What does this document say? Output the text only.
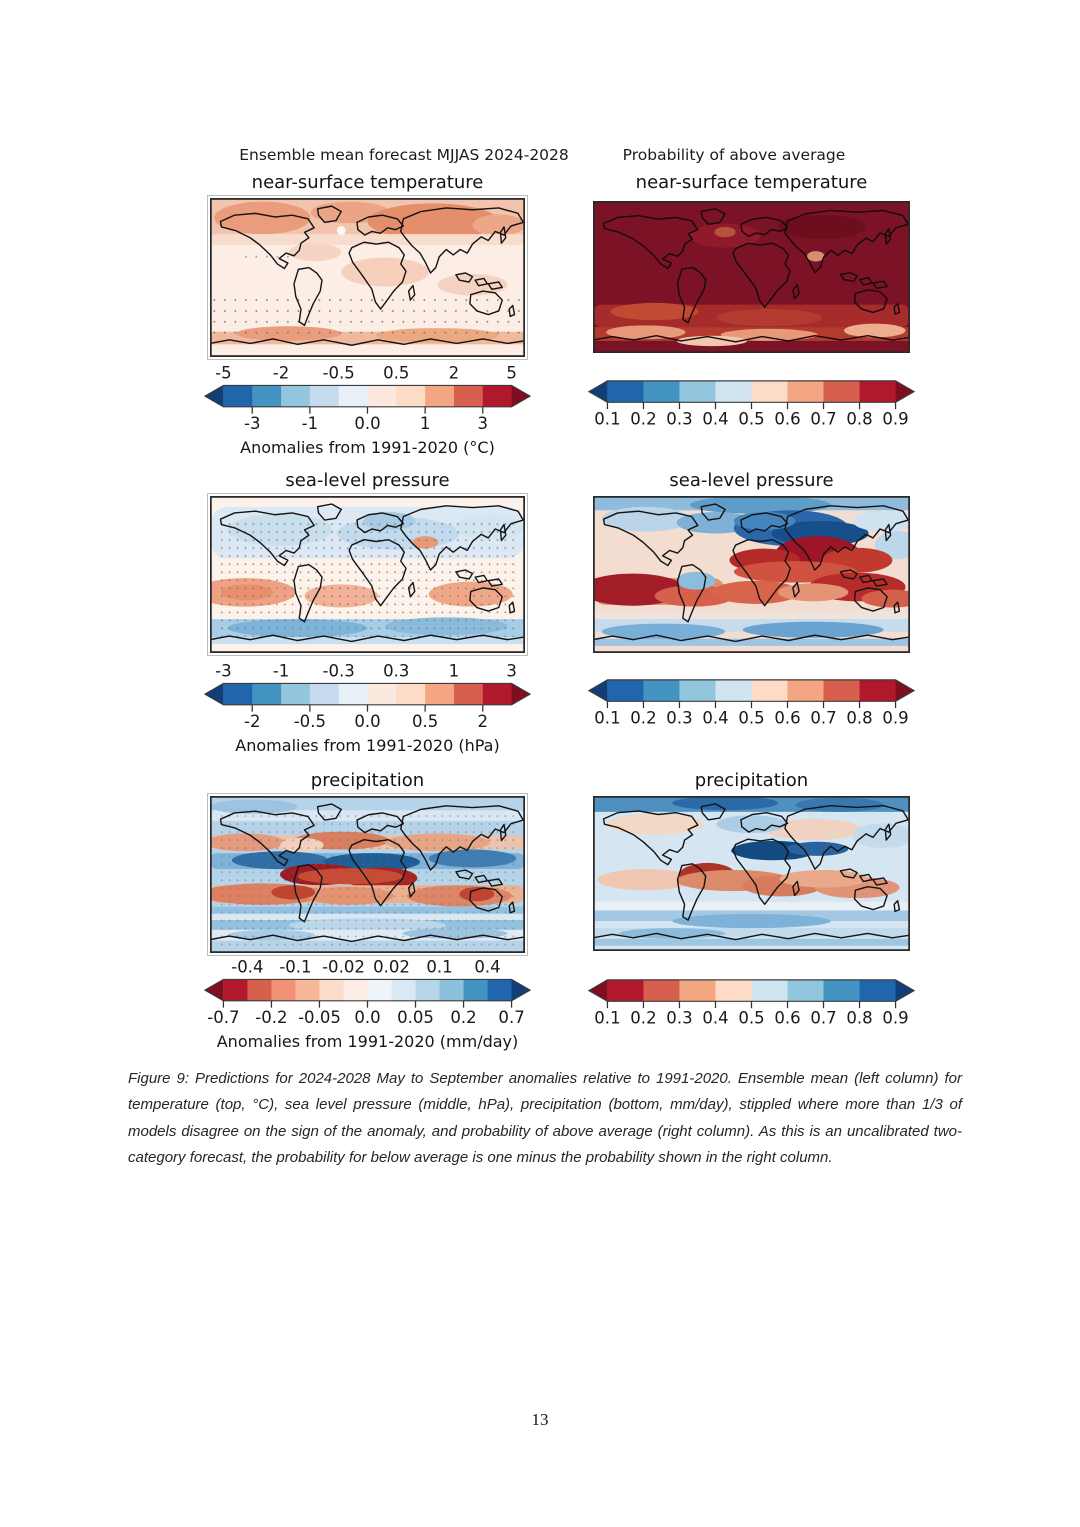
Ensemble mean forecast MJJAS 2024-2028	Probability of above average
near-surface temperature	near-surface temperature
-5 -2 -0.5 0.5 2	5
-3 -1 0.0 1	3
Anomalies from 1991-2020 (°C)
0.1 0.2 0.3 0.4 0.5 0.6 0.7 0.8 0.9
sea-level pressure	sea-level pressure
-3 -1 -0.3 0.3 1	3
-2 -0.5 0.0 0.5 2
Anomalies from 1991-2020 (hPa)
0.1 0.2 0.3 0.4 0.5 0.6 0.7 0.8 0.9
precipitation	precipitation
-0.4 -0.1 -0.02 0.02 0.1 0.4
-0.7 -0.2 -0.05 0.0 0.05 0.2 0.7
Anomalies from 1991-2020 (mm/day)
0.1 0.2 0.3 0.4 0.5 0.6 0.7 0.8 0.9

Figure 9: Predictions for 2024-2028 May to September anomalies relative to 1991-2020. Ensemble mean (left column) for temperature (top, °C), sea level pressure (middle, hPa), precipitation (bottom, mm/day), stippled where more than 1/3 of models disagree on the sign of the anomaly, and probability of above average (right column). As this is an uncalibrated two-category forecast, the probability for below average is one minus the probability shown in the right column.

13
